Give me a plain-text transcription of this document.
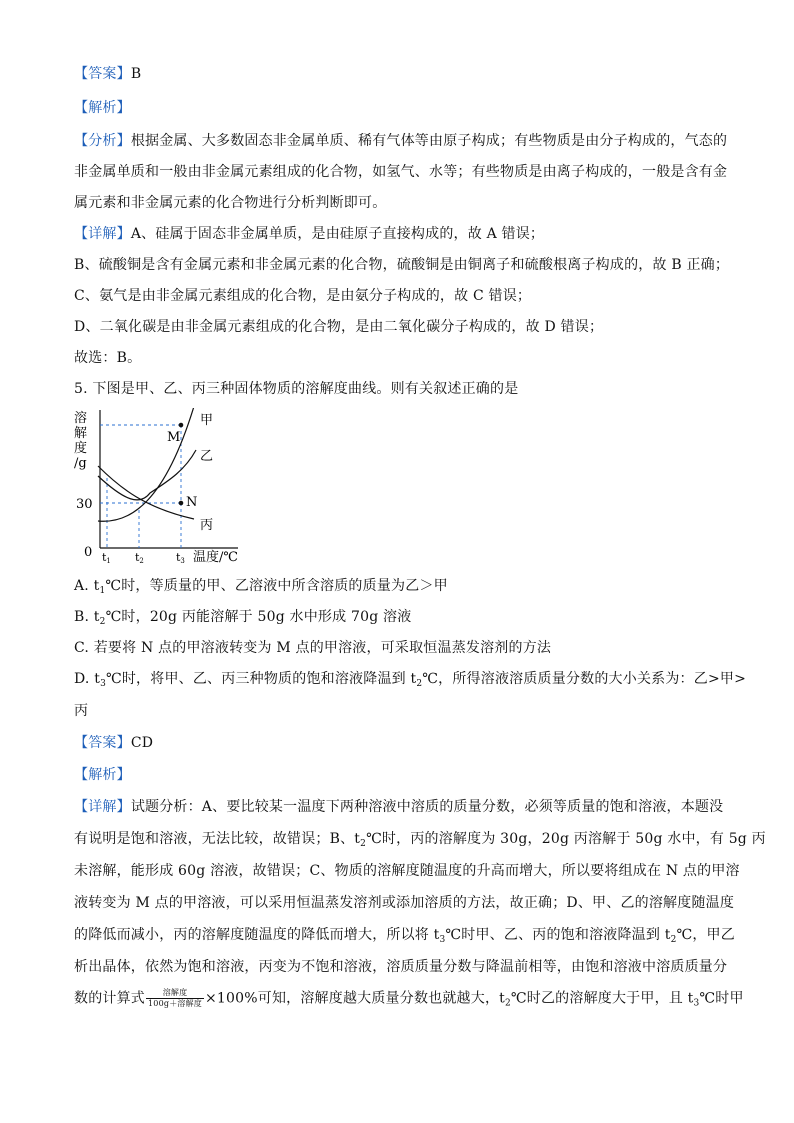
【答案】B
【解析】
【分析】根据金属、大多数固态非金属单质、稀有气体等由原子构成；有些物质是由分子构成的，气态的
非金属单质和一般由非金属元素组成的化合物，如氢气、水等；有些物质是由离子构成的，一般是含有金
属元素和非金属元素的化合物进行分析判断即可。
【详解】A、硅属于固态非金属单质，是由硅原子直接构成的，故 A 错误；
B、硫酸铜是含有金属元素和非金属元素的化合物，硫酸铜是由铜离子和硫酸根离子构成的，故 B 正确；
C、氨气是由非金属元素组成的化合物，是由氨分子构成的，故 C 错误；
D、二氧化碳是由非金属元素组成的化合物，是由二氧化碳分子构成的，故 D 错误；
故选：B。
5. 下图是甲、乙、丙三种固体物质的溶解度曲线。则有关叙述正确的是
溶
解
度
/g
30
0 t1 t2	t3 温度/℃
甲
乙
丙
M
N
A. $t_1℃$时，等质量的甲、乙溶液中所含溶质的质量为乙＞甲
B. $t_2℃$时，20g 丙能溶解于 50g 水中形成 70g 溶液
C. 若要将 N 点的甲溶液转变为 M 点的甲溶液，可采取恒温蒸发溶剂的方法
D. $t_3℃$时，将甲、乙、丙三种物质的饱和溶液降温到 $t_2℃$，所得溶液溶质质量分数的大小关系为：乙>甲>
丙
【答案】CD
【解析】
【详解】试题分析：A、要比较某一温度下两种溶液中溶质的质量分数，必须等质量的饱和溶液，本题没
有说明是饱和溶液，无法比较，故错误；B、$t_2℃$时，丙的溶解度为 30g，20g 丙溶解于 50g 水中，有 5g 丙
未溶解，能形成 60g 溶液，故错误；C、物质的溶解度随温度的升高而增大，所以要将组成在 N 点的甲溶
液转变为 M 点的甲溶液，可以采用恒温蒸发溶剂或添加溶质的方法，故正确；D、甲、乙的溶解度随温度
的降低而减小，丙的溶解度随温度的降低而增大，所以将 $t_3℃$时甲、乙、丙的饱和溶液降温到 $t_2℃$，甲乙
析出晶体，依然为饱和溶液，丙变为不饱和溶液，溶质质量分数与降温前相等，由饱和溶液中溶质质量分
数的计算式 $\frac{\text{溶解度}}{\text{100g＋溶解度}} \times 100\%$可知，溶解度越大质量分数也就越大，$t_2℃$时乙的溶解度大于甲，且 $t_3℃$时甲
